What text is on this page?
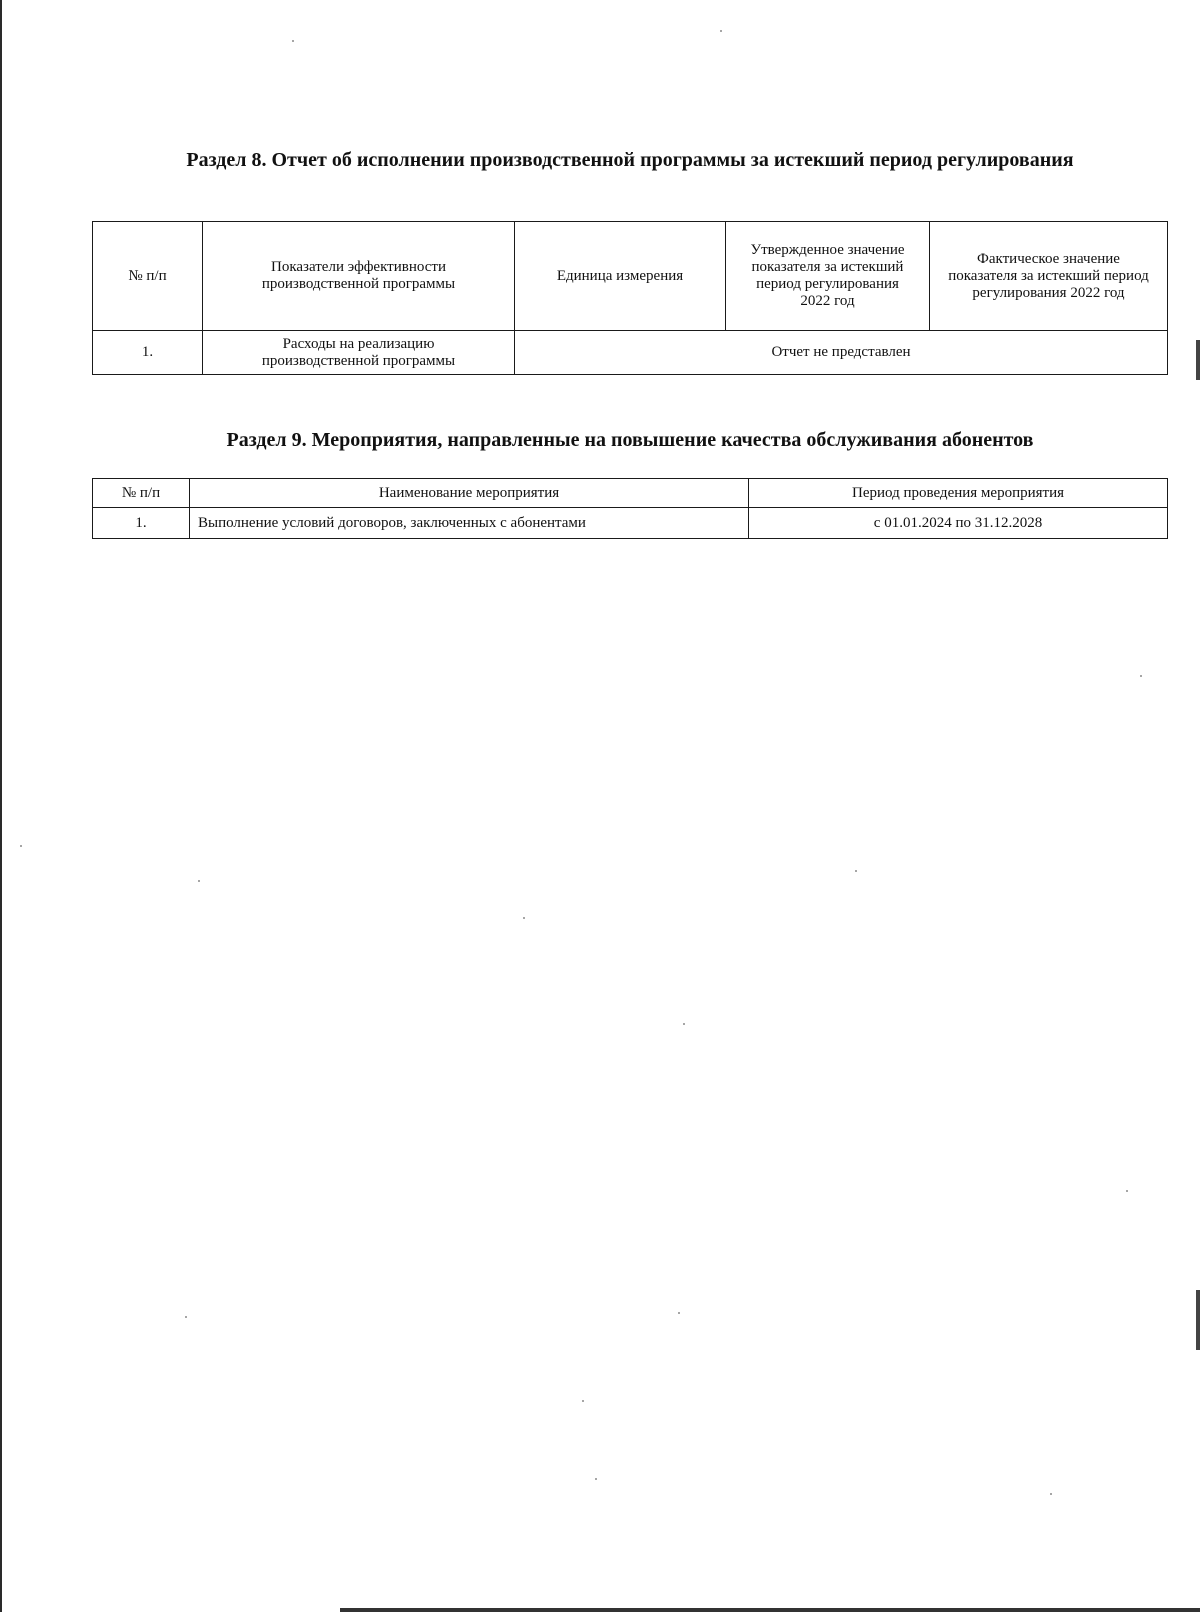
Раздел 8. Отчет об исполнении производственной программы за истекший период регулирования
№ п/п	Показатели эффективности производственной программы	Единица измерения	Утвержденное значение показателя за истекший период регулирования 2022 год	Фактическое значение показателя за истекший период регулирования 2022 год
1.	Расходы на реализацию производственной программы	Отчет не представлен		
Раздел 9. Мероприятия, направленные на повышение качества обслуживания абонентов
№ п/п	Наименование мероприятия	Период проведения мероприятия
1.	Выполнение условий договоров, заключенных с абонентами	с 01.01.2024 по 31.12.2028
